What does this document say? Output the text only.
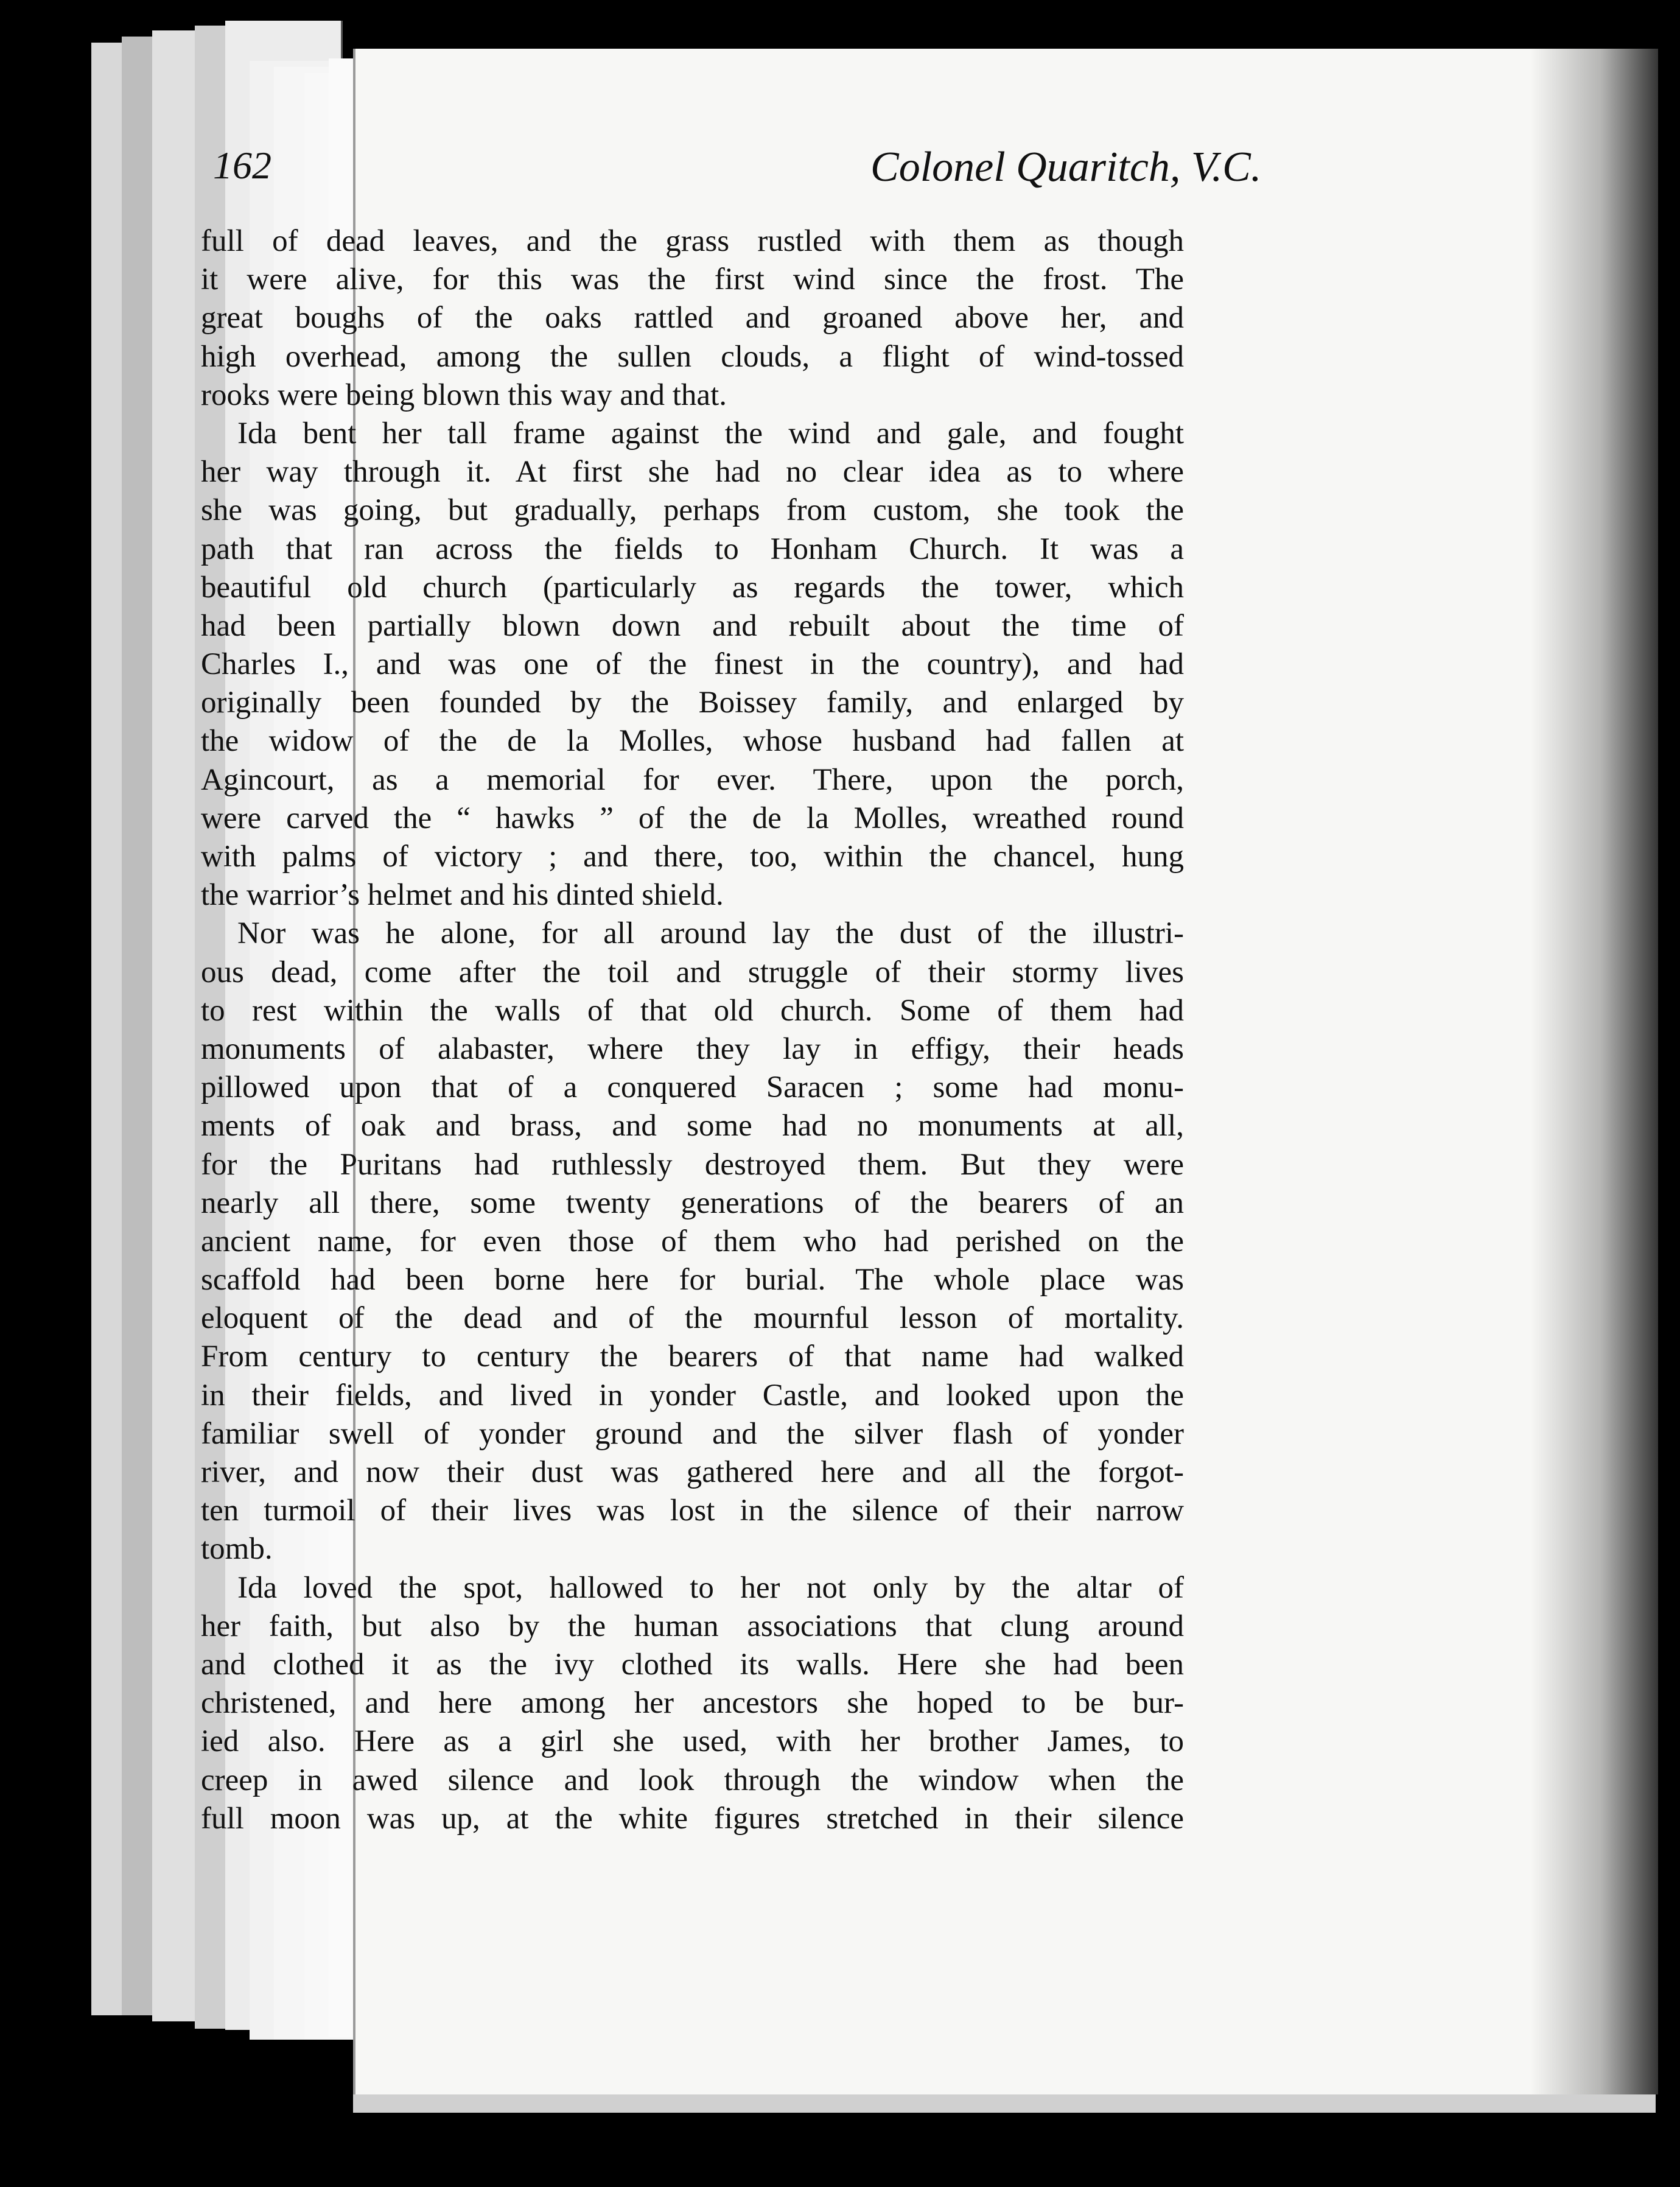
162	Colonel Quaritch, V.C.
full of dead leaves, and the grass rustled with them as though
it were alive, for this was the first wind since the frost. The
great boughs of the oaks rattled and groaned above her, and
high overhead, among the sullen clouds, a flight of wind-tossed
rooks were being blown this way and that.
Ida bent her tall frame against the wind and gale, and fought
her way through it. At first she had no clear idea as to where
she was going, but gradually, perhaps from custom, she took the
path that ran across the fields to Honham Church. It was a
beautiful old church (particularly as regards the tower, which
had been partially blown down and rebuilt about the time of
Charles I., and was one of the finest in the country), and had
originally been founded by the Boissey family, and enlarged by
the widow of the de la Molles, whose husband had fallen at
Agincourt, as a memorial for ever. There, upon the porch,
were carved the “ hawks ” of the de la Molles, wreathed round
with palms of victory ; and there, too, within the chancel, hung
the warrior’s helmet and his dinted shield.
Nor was he alone, for all around lay the dust of the illustri-
ous dead, come after the toil and struggle of their stormy lives
to rest within the walls of that old church. Some of them had
monuments of alabaster, where they lay in effigy, their heads
pillowed upon that of a conquered Saracen ; some had monu-
ments of oak and brass, and some had no monuments at all,
for the Puritans had ruthlessly destroyed them. But they were
nearly all there, some twenty generations of the bearers of an
ancient name, for even those of them who had perished on the
scaffold had been borne here for burial. The whole place was
eloquent of the dead and of the mournful lesson of mortality.
From century to century the bearers of that name had walked
in their fields, and lived in yonder Castle, and looked upon the
familiar swell of yonder ground and the silver flash of yonder
river, and now their dust was gathered here and all the forgot-
ten turmoil of their lives was lost in the silence of their narrow
tomb.
Ida loved the spot, hallowed to her not only by the altar of
her faith, but also by the human associations that clung around
and clothed it as the ivy clothed its walls. Here she had been
christened, and here among her ancestors she hoped to be bur-
ied also. Here as a girl she used, with her brother James, to
creep in awed silence and look through the window when the
full moon was up, at the white figures stretched in their silence
